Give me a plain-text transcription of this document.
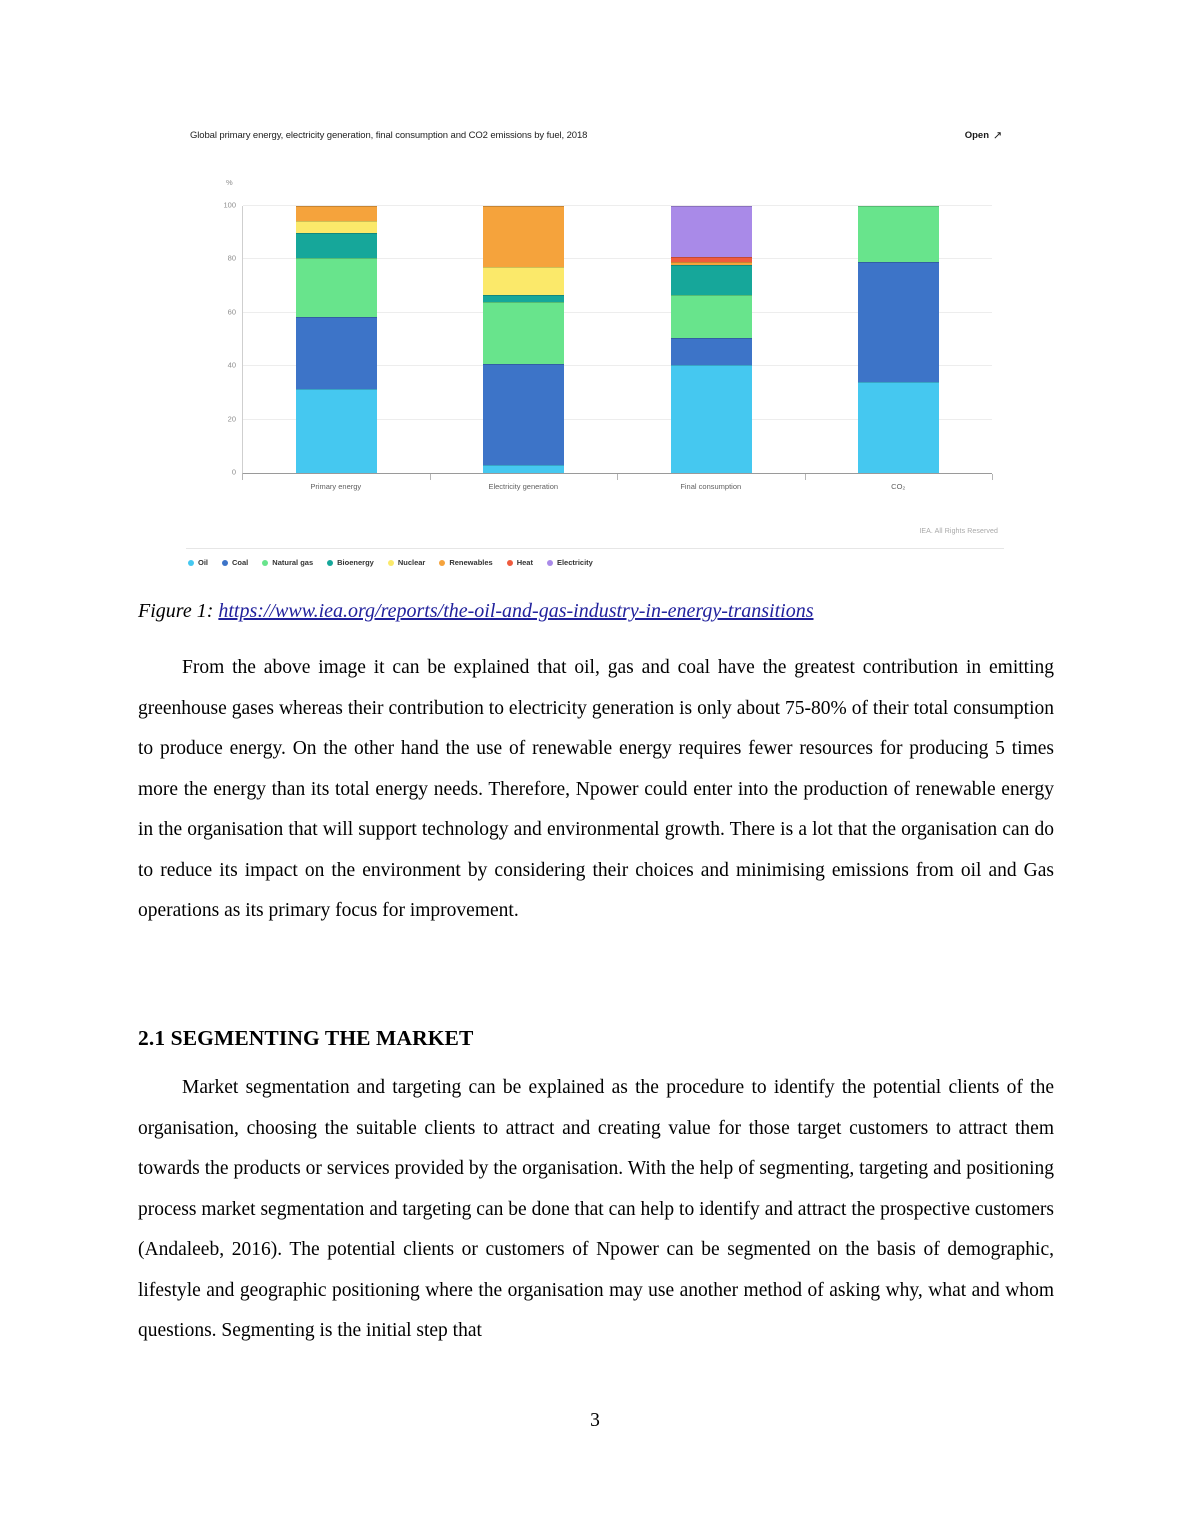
Global primary energy, electricity generation, final consumption and CO2 emissions by fuel, 2018	Open
%
0
20
40
60
80
100
Primary energy	Electricity generation	Final consumption	CO₂
IEA. All Rights Reserved
Oil	Coal	Natural gas	Bioenergy	Nuclear	Renewables	Heat	Electricity
Figure 1: https://www.iea.org/reports/the-oil-and-gas-industry-in-energy-transitions
From the above image it can be explained that oil, gas and coal have the greatest contribution in emitting greenhouse gases whereas their contribution to electricity generation is only about 75-80% of their total consumption to produce energy. On the other hand the use of renewable energy requires fewer resources for producing 5 times more the energy than its total energy needs. Therefore, Npower could enter into the production of renewable energy in the organisation that will support technology and environmental growth. There is a lot that the organisation can do to reduce its impact on the environment by considering their choices and minimising emissions from oil and Gas operations as its primary focus for improvement.
2.1 SEGMENTING THE MARKET
Market segmentation and targeting can be explained as the procedure to identify the potential clients of the organisation, choosing the suitable clients to attract and creating value for those target customers to attract them towards the products or services provided by the organisation. With the help of segmenting, targeting and positioning process market segmentation and targeting can be done that can help to identify and attract the prospective customers (Andaleeb, 2016). The potential clients or customers of Npower can be segmented on the basis of demographic, lifestyle and geographic positioning where the organisation may use another method of asking why, what and whom questions. Segmenting is the initial step that
3
